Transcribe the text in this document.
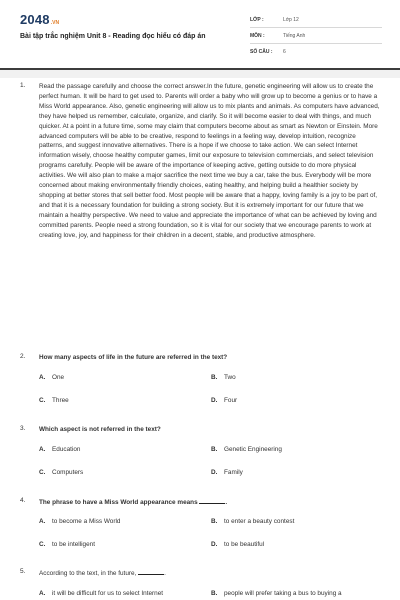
2048 .VN
Bài tập trắc nghiệm Unit 8 - Reading đọc hiểu có đáp án
LỚP :	Lớp 12
MÔN :	Tiếng Anh
SỐ CÂU :	6
1.	Read the passage carefully and choose the correct answer.In the future, genetic engineering will allow us to create the perfect human. It will be hard to get used to. Parents will order a baby who will grow up to become a genius or to have a Miss World appearance. Also, genetic engineering will allow us to mix plants and animals. As computers have advanced, they have helped us remember, calculate, organize, and clarify. So it will become easier to deal with things, and much quicker. At a point in a future time, some may claim that computers become about as smart as Newton or Einstein. More advanced computers will be able to be creative, respond to feelings in a feeling way, develop intuition, recognize patterns, and suggest innovative alternatives. There is a hope if we choose to take action. We can select Internet information wisely, choose healthy computer games, limit our exposure to television commercials, and select television programs carefully. People will be aware of the importance of keeping active, getting outside to do more physical activities. We will also plan to make a major sacrifice the next time we buy a car, take the bus. Everybody will be more concerned about making environmentally friendly choices, eating healthy, and helping build a healthier society by shopping at better stores that sell better food. Most people will be aware that a happy, loving family is a joy to be part of, and that it is a necessary foundation for building a strong society. But it is extremely important for our future that we maintain a healthy perspective. We need to value and appreciate the importance of what can be achieved by loving and committed parents. People need a strong foundation, so it is vital for our society that we encourage parents to work at creating love, joy, and happiness for their children in a decent, stable, and productive atmosphere.
2.	How many aspects of life in the future are referred in the text?
A. One	B. Two
C. Three	D. Four
3.	Which aspect is not referred in the text?
A. Education	B. Genetic Engineering
C. Computers	D. Family
4.	The phrase to have a Miss World appearance means	.
A. to become a Miss World	B. to enter a beauty contest
C. to be intelligent	D. to be beautiful
5.	According to the text, in the future,	.
A. it will be difficult for us to select Internet	B. people will prefer taking a bus to buying a
